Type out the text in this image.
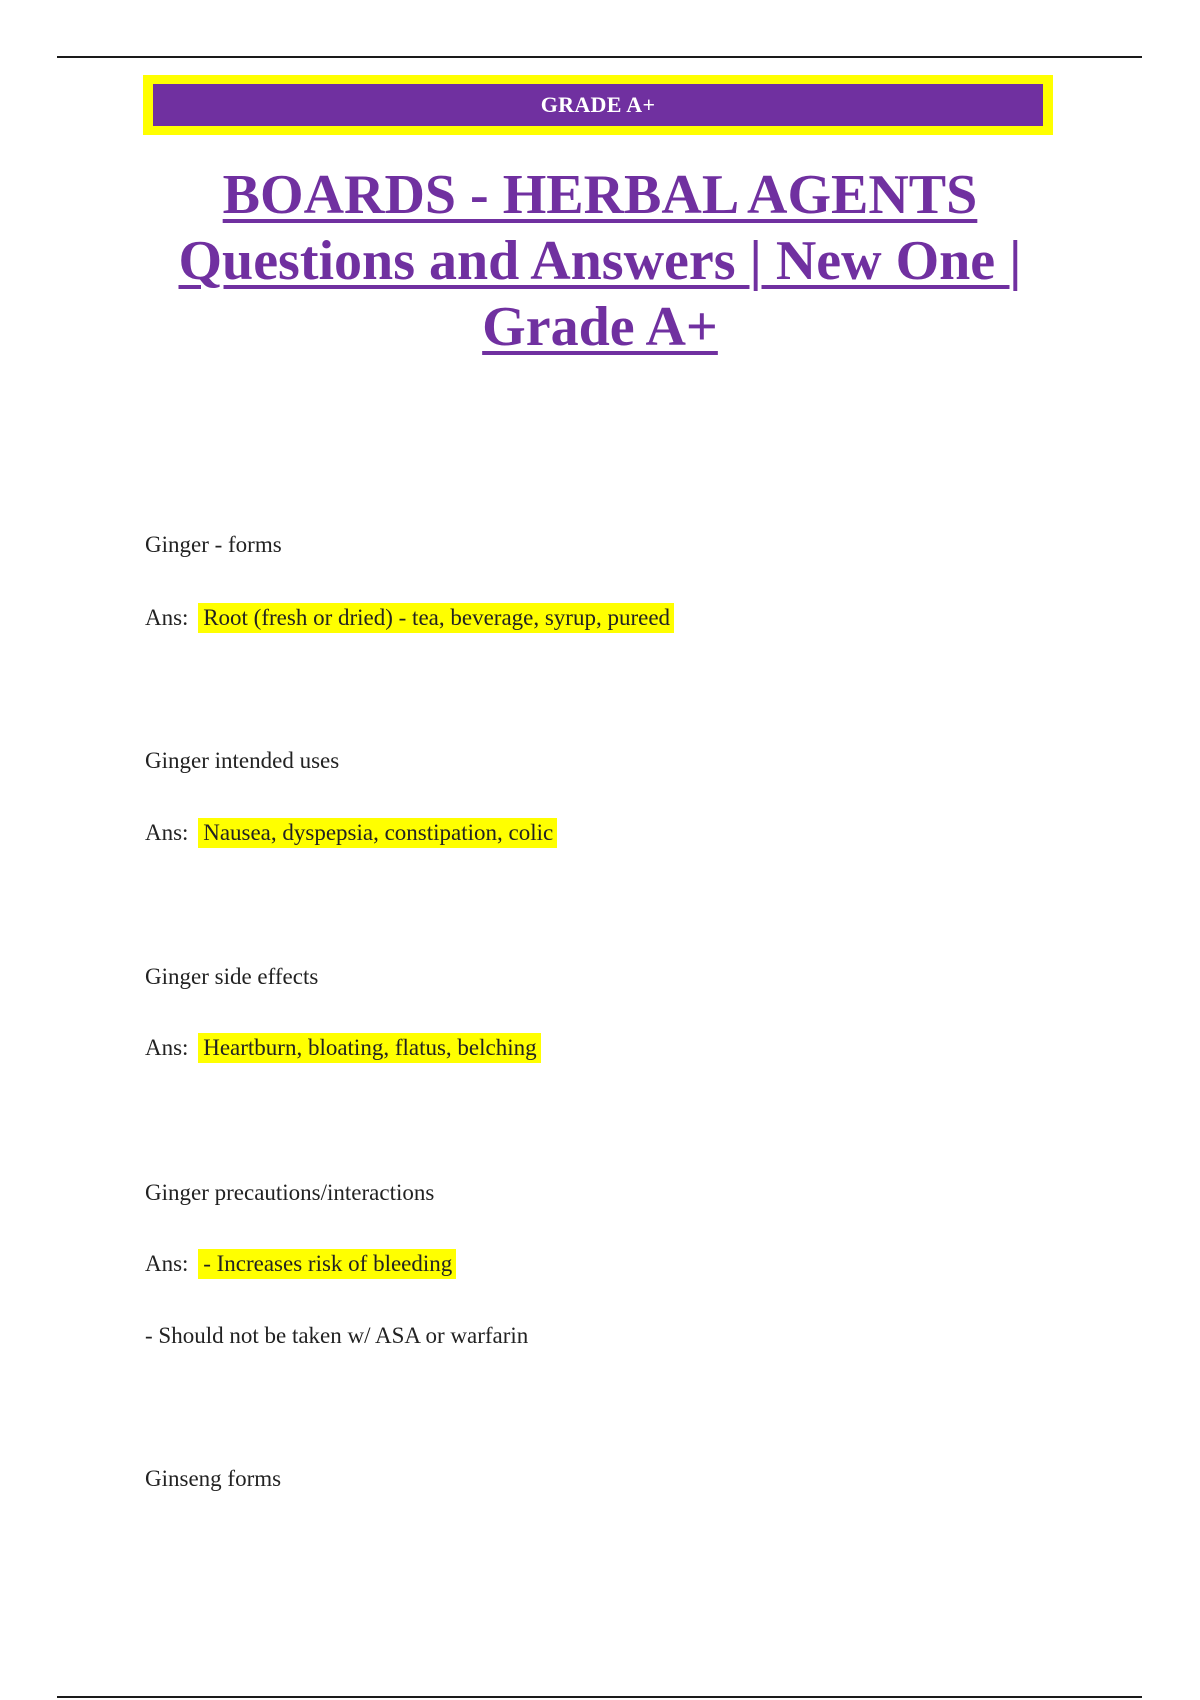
GRADE A+
BOARDS - HERBAL AGENTS
Questions and Answers | New One |
Grade A+
Ginger - forms
Ans: Root (fresh or dried) - tea, beverage, syrup, pureed
Ginger intended uses
Ans: Nausea, dyspepsia, constipation, colic
Ginger side effects
Ans: Heartburn, bloating, flatus, belching
Ginger precautions/interactions
Ans: - Increases risk of bleeding
- Should not be taken w/ ASA or warfarin
Ginseng forms
